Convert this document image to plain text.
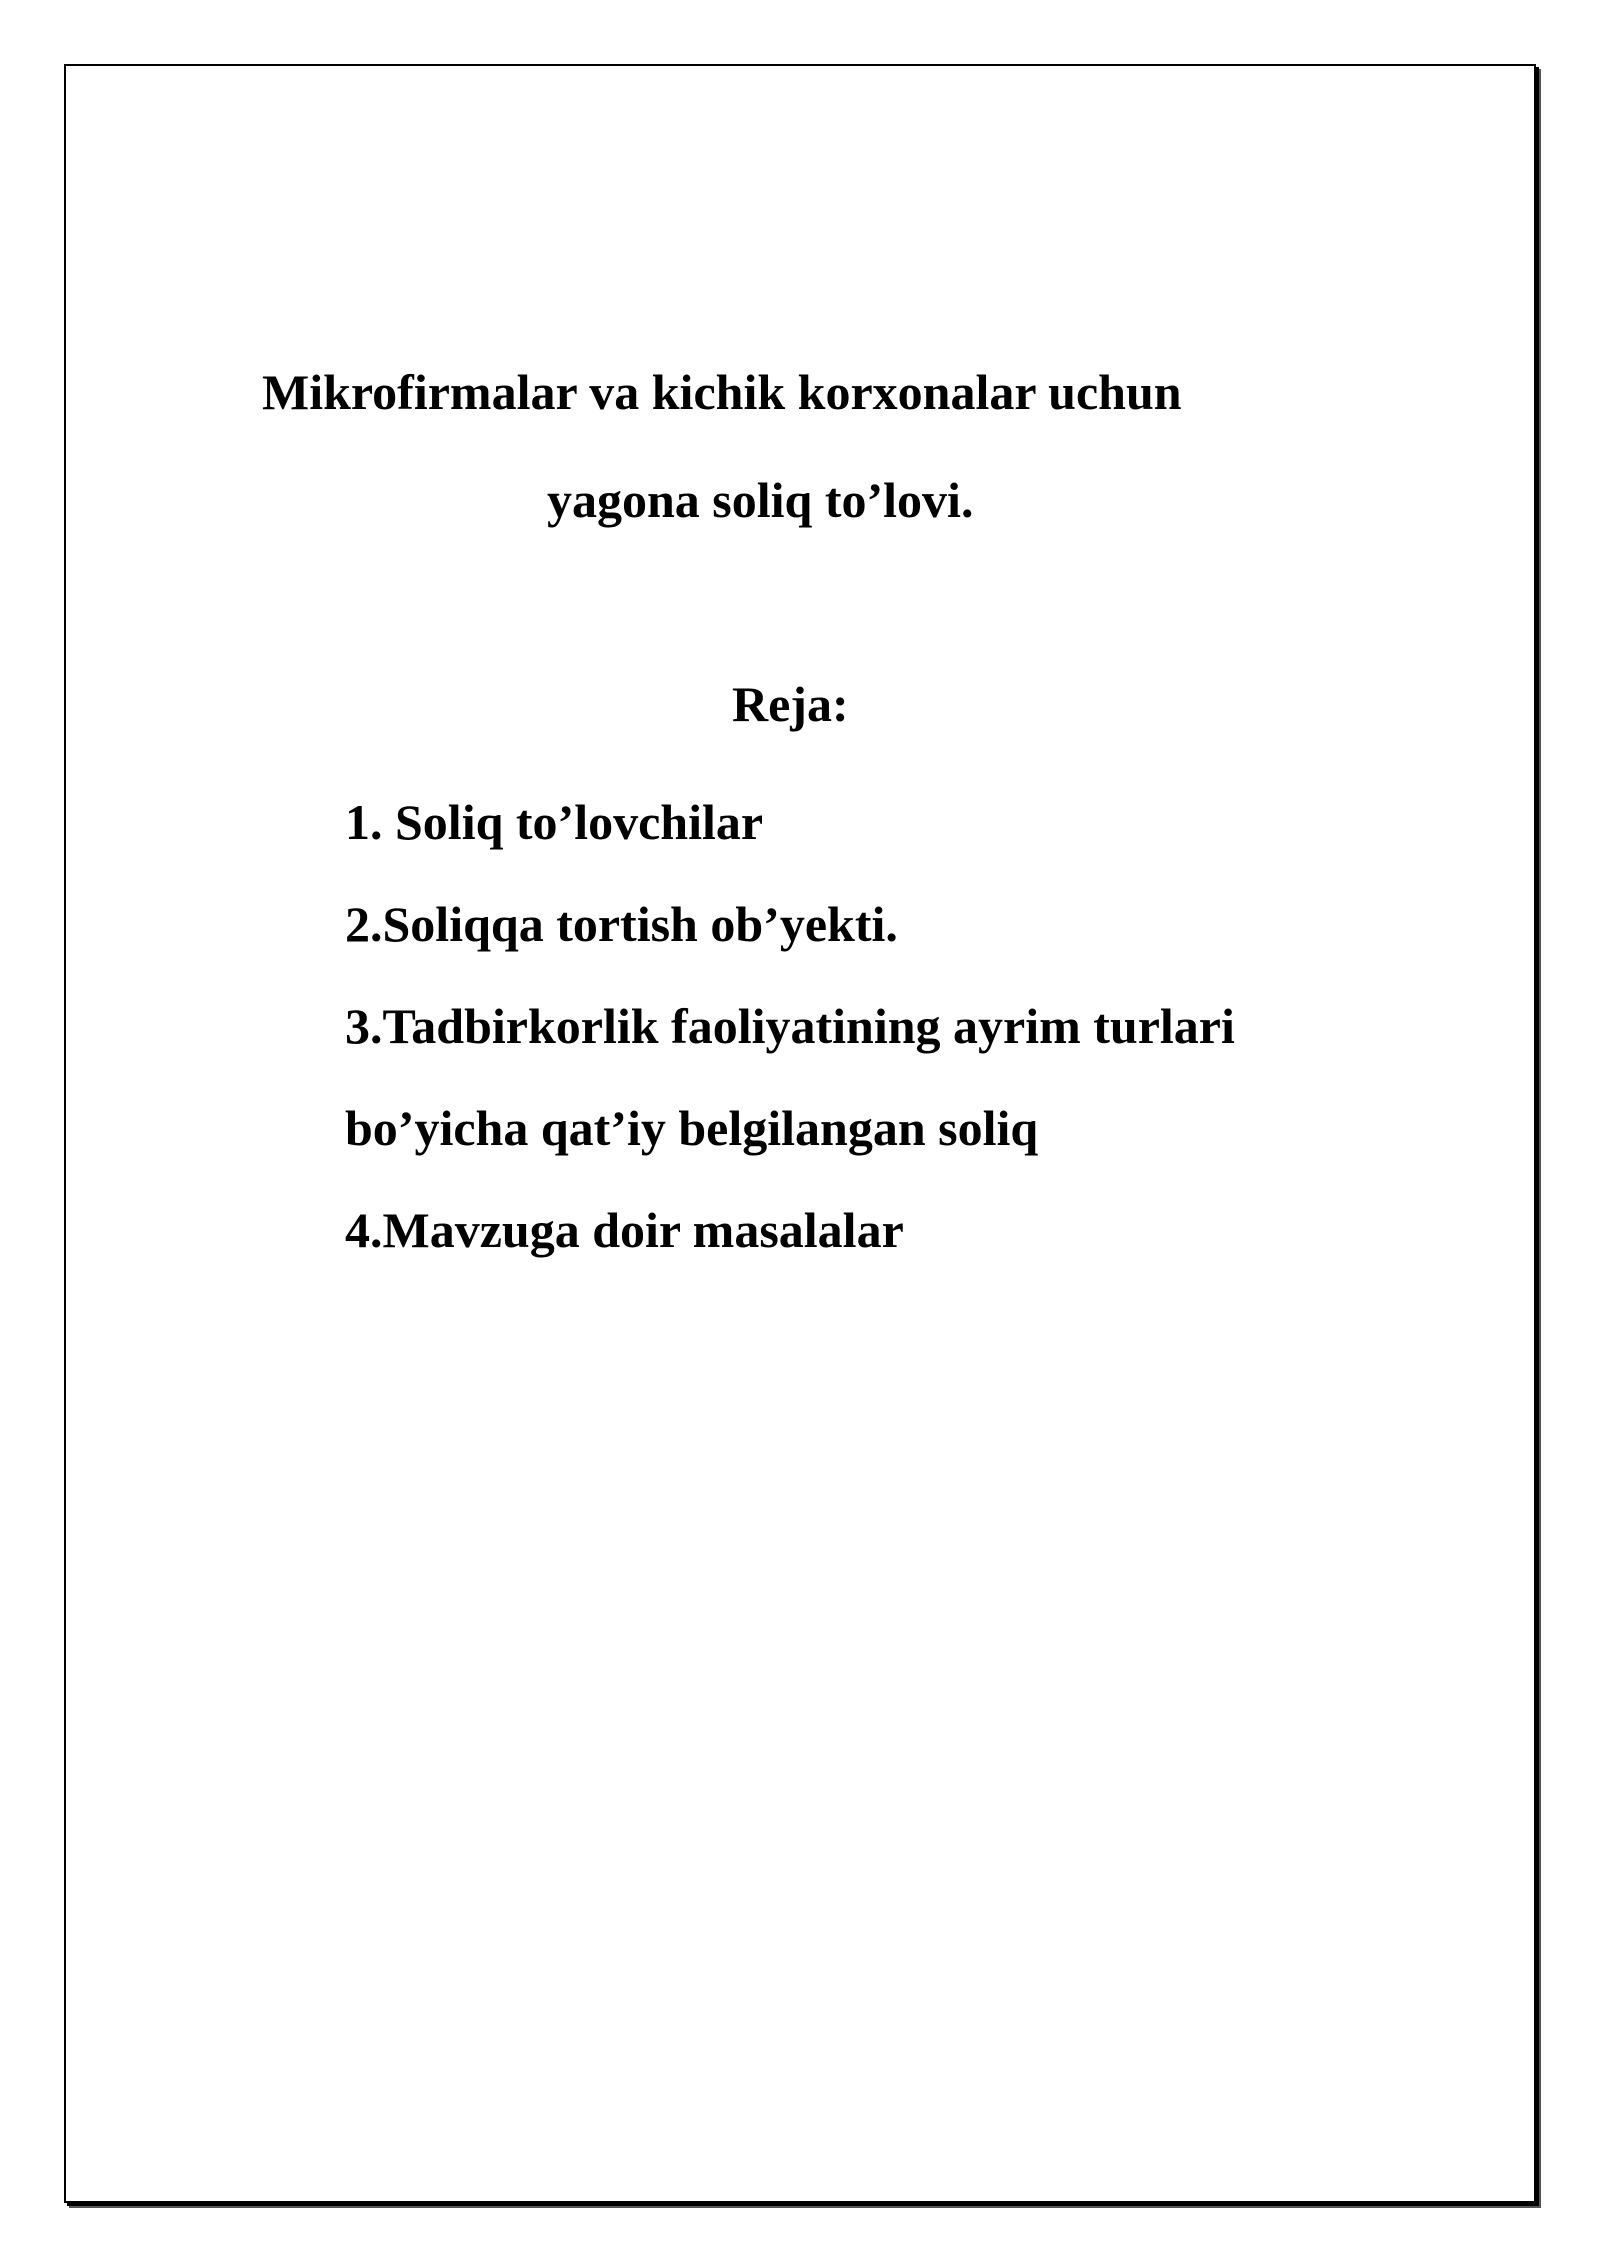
Mikrofirmalar va kichik korxonalar uchun
yagona soliq to’lovi.
Reja:
1. Soliq to’lovchilar
2.Soliqqa tortish ob’yekti.
3.Tadbirkorlik faoliyatining ayrim turlari
bo’yicha qat’iy belgilangan soliq
4.Mavzuga doir masalalar
